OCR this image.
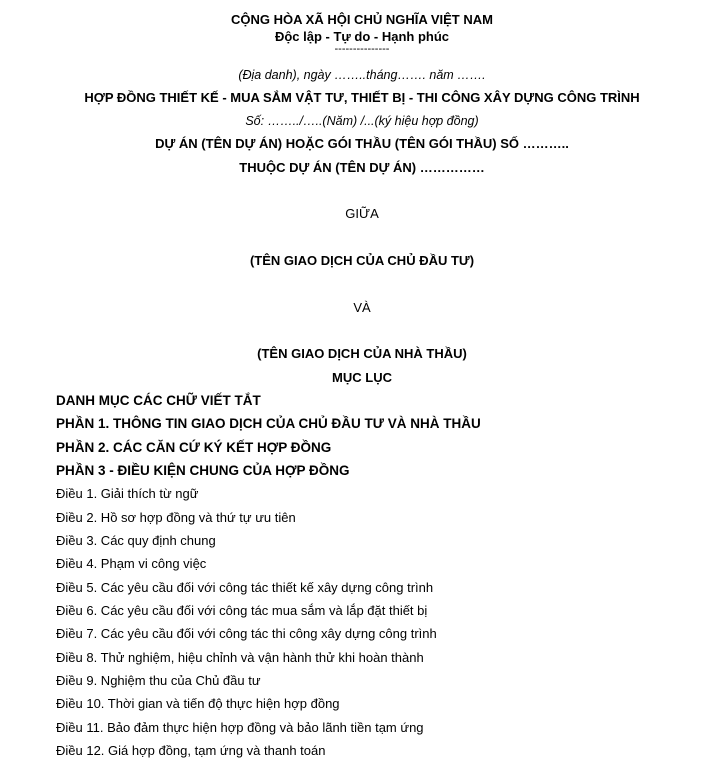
CỘNG HÒA XÃ HỘI CHỦ NGHĨA VIỆT NAM
Độc lập - Tự do - Hạnh phúc
---------------
(Địa danh), ngày ……..tháng……. năm …….
HỢP ĐỒNG THIẾT KẾ - MUA SẮM VẬT TƯ, THIẾT BỊ - THI CÔNG XÂY DỰNG CÔNG TRÌNH
Số: ……../…..(Năm) /...(ký hiệu hợp đồng)
DỰ ÁN (TÊN DỰ ÁN) HOẶC GÓI THẦU (TÊN GÓI THẦU) SỐ ………..
THUỘC DỰ ÁN (TÊN DỰ ÁN) ……………
GIỮA
(TÊN GIAO DỊCH CỦA CHỦ ĐẦU TƯ)
VÀ
(TÊN GIAO DỊCH CỦA NHÀ THẦU)
MỤC LỤC
DANH MỤC CÁC CHỮ VIẾT TẮT
PHẦN 1. THÔNG TIN GIAO DỊCH CỦA CHỦ ĐẦU TƯ VÀ NHÀ THẦU
PHẦN 2. CÁC CĂN CỨ KÝ KẾT HỢP ĐỒNG
PHẦN 3 - ĐIỀU KIỆN CHUNG CỦA HỢP ĐỒNG
Điều 1. Giải thích từ ngữ
Điều 2. Hồ sơ hợp đồng và thứ tự ưu tiên
Điều 3. Các quy định chung
Điều 4. Phạm vi công việc
Điều 5. Các yêu cầu đối với công tác thiết kế xây dựng công trình
Điều 6. Các yêu cầu đối với công tác mua sắm và lắp đặt thiết bị
Điều 7. Các yêu cầu đối với công tác thi công xây dựng công trình
Điều 8. Thử nghiệm, hiệu chỉnh và vận hành thử khi hoàn thành
Điều 9. Nghiệm thu của Chủ đầu tư
Điều 10. Thời gian và tiến độ thực hiện hợp đồng
Điều 11. Bảo đảm thực hiện hợp đồng và bảo lãnh tiền tạm ứng
Điều 12. Giá hợp đồng, tạm ứng và thanh toán
